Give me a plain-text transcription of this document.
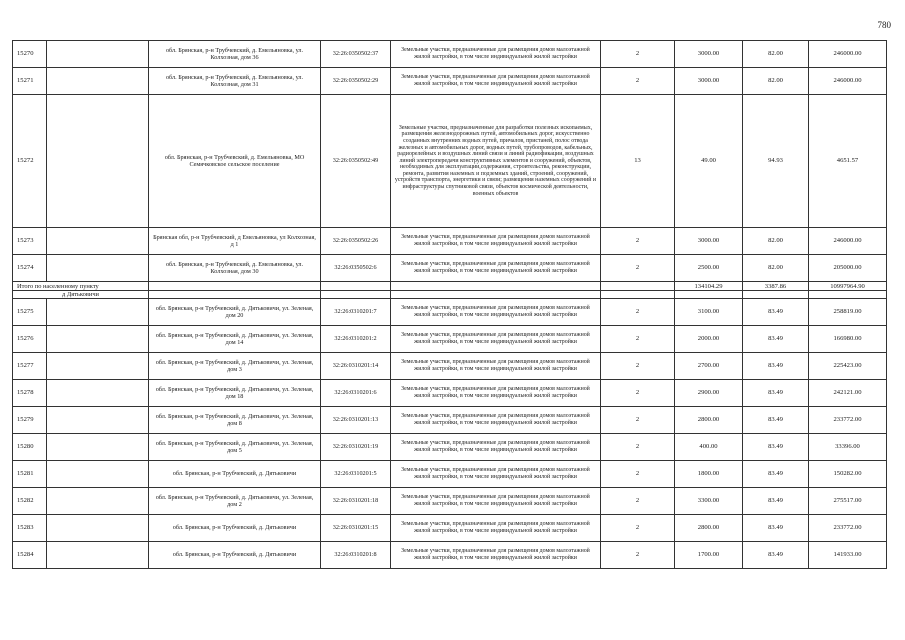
780
15270		обл. Брянская, р-н Трубчевский, д. Емельяновка, ул. Колхозная, дом 36	32:26:0350502:37	Земельные участки, предназначенные для размещения домов малоэтажной жилой застройки, в том числе индивидуальной жилой застройки	2	3000.00	82.00	246000.00
15271		обл. Брянская, р-н Трубчевский, д. Емельяновка, ул. Колхозная, дом 31	32:26:0350502:29	Земельные участки, предназначенные для размещения домов малоэтажной жилой застройки, в том числе индивидуальной жилой застройки	2	3000.00	82.00	246000.00
15272		обл. Брянская, р-н Трубчевский, д. Емельяновка, МО Семячковское сельское поселение	32:26:0350502:49	Земельные участки, предназначенные для разработки полезных ископаемых, размещения железнодорожных путей, автомобильных дорог, искусственно созданных внутренних водных путей, причалов, пристаней, полос отвода железных и автомобильных дорог, водных путей, трубопроводов, кабельных, радиорелейных и воздушных линий связи и линий радиофикации, воздушных линий электропередачи конструктивных элементов и сооружений, объектов, необходимых для эксплуатации,содержания, строительства, реконструкции, ремонта, развития наземных и подземных зданий, строений, сооружений, устройств транспорта, энергетики и связи; размещения наземных сооружений и инфраструктуры спутниковой связи, объектов космической деятельности, военных объектов	13	49.00	94.93	4651.57
15273		Брянская обл, р-н Трубчевский, д Емельяновка, ул Колхозная, д 1	32:26:0350502:26	Земельные участки, предназначенные для размещения домов малоэтажной жилой застройки, в том числе индивидуальной жилой застройки	2	3000.00	82.00	246000.00
15274		обл. Брянская, р-н Трубчевский, д. Емельяновка, ул. Колхозная, дом 30	32:26:0350502:6	Земельные участки, предназначенные для размещения домов малоэтажной жилой застройки, в том числе индивидуальной жилой застройки	2	2500.00	82.00	205000.00
Итого по населенному пункту						134104.29	3387.86	10997964.90
д Дятьковичи								
15275		обл. Брянская, р-н Трубчевский, д. Дятьковичи, ул. Зеленая, дом 20	32:26:0310201:7	Земельные участки, предназначенные для размещения домов малоэтажной жилой застройки, в том числе индивидуальной жилой застройки	2	3100.00	83.49	258819.00
15276		обл. Брянская, р-н Трубчевский, д. Дятьковичи, ул. Зеленая, дом 14	32:26:0310201:2	Земельные участки, предназначенные для размещения домов малоэтажной жилой застройки, в том числе индивидуальной жилой застройки	2	2000.00	83.49	166980.00
15277		обл. Брянская, р-н Трубчевский, д. Дятьковичи, ул. Зеленая, дом 3	32:26:0310201:14	Земельные участки, предназначенные для размещения домов малоэтажной жилой застройки, в том числе индивидуальной жилой застройки	2	2700.00	83.49	225423.00
15278		обл. Брянская, р-н Трубчевский, д. Дятьковичи, ул. Зеленая, дом 18	32:26:0310201:6	Земельные участки, предназначенные для размещения домов малоэтажной жилой застройки, в том числе индивидуальной жилой застройки	2	2900.00	83.49	242121.00
15279		обл. Брянская, р-н Трубчевский, д. Дятьковичи, ул. Зеленая, дом 8	32:26:0310201:13	Земельные участки, предназначенные для размещения домов малоэтажной жилой застройки, в том числе индивидуальной жилой застройки	2	2800.00	83.49	233772.00
15280		обл. Брянская, р-н Трубчевский, д. Дятьковичи, ул. Зеленая, дом 5	32:26:0310201:19	Земельные участки, предназначенные для размещения домов малоэтажной жилой застройки, в том числе индивидуальной жилой застройки	2	400.00	83.49	33396.00
15281		обл. Брянская, р-н Трубчевский, д. Дятьковичи	32:26:0310201:5	Земельные участки, предназначенные для размещения домов малоэтажной жилой застройки, в том числе индивидуальной жилой застройки	2	1800.00	83.49	150282.00
15282		обл. Брянская, р-н Трубчевский, д. Дятьковичи, ул. Зеленая, дом 2	32:26:0310201:18	Земельные участки, предназначенные для размещения домов малоэтажной жилой застройки, в том числе индивидуальной жилой застройки	2	3300.00	83.49	275517.00
15283		обл. Брянская, р-н Трубчевский, д. Дятьковичи	32:26:0310201:15	Земельные участки, предназначенные для размещения домов малоэтажной жилой застройки, в том числе индивидуальной жилой застройки	2	2800.00	83.49	233772.00
15284		обл. Брянская, р-н Трубчевский, д. Дятьковичи	32:26:0310201:8	Земельные участки, предназначенные для размещения домов малоэтажной жилой застройки, в том числе индивидуальной жилой застройки	2	1700.00	83.49	141933.00
